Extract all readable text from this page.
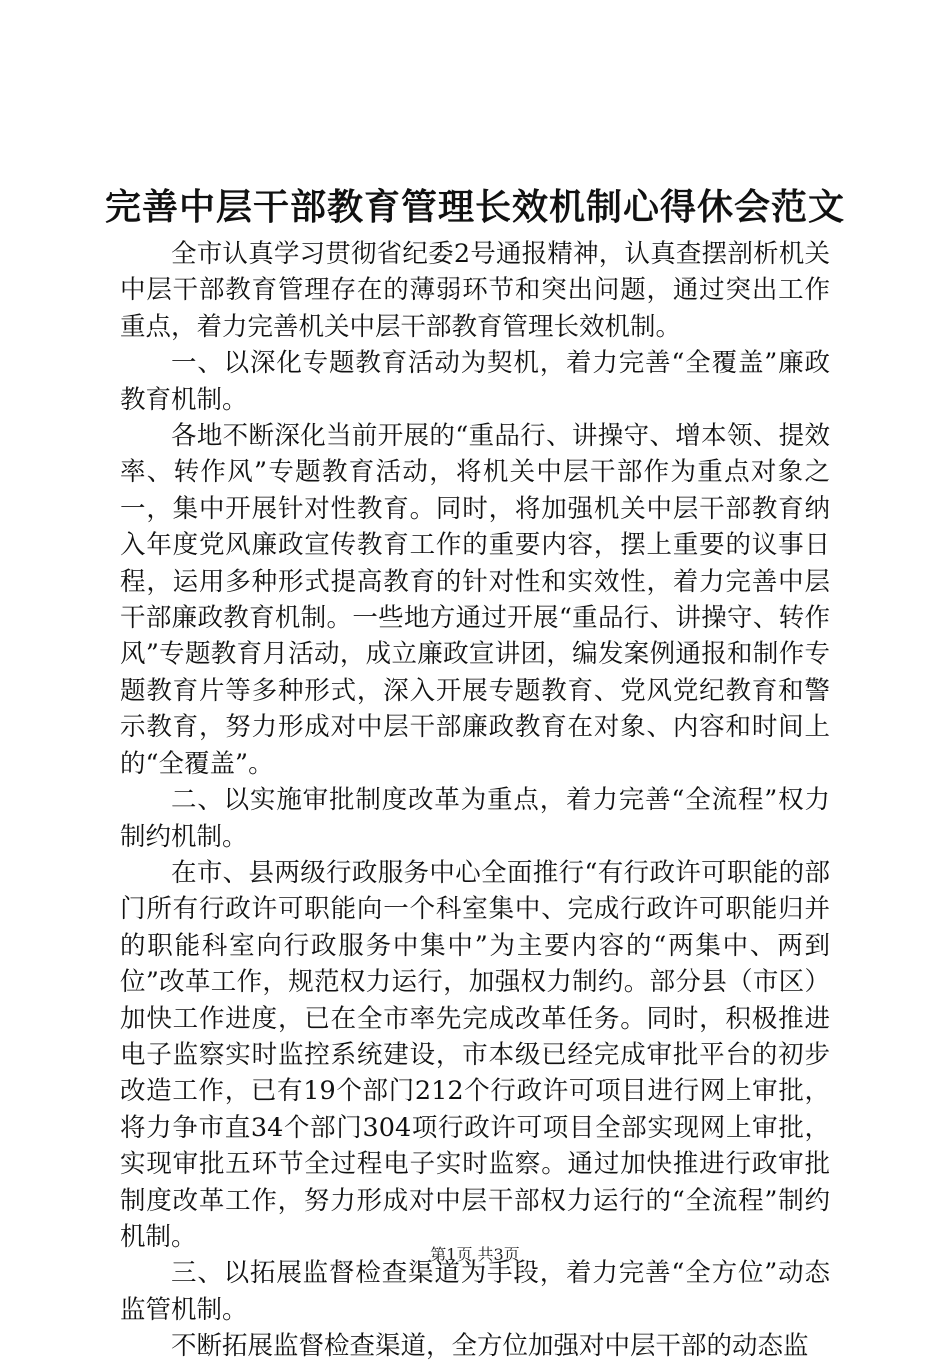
完善中层干部教育管理长效机制心得休会范文

全市认真学习贯彻省纪委2号通报精神，认真查摆剖析机关中层干部教育管理存在的薄弱环节和突出问题，通过突出工作重点，着力完善机关中层干部教育管理长效机制。

一、以深化专题教育活动为契机，着力完善“全覆盖”廉政教育机制。

各地不断深化当前开展的“重品行、讲操守、增本领、提效率、转作风”专题教育活动，将机关中层干部作为重点对象之一，集中开展针对性教育。同时，将加强机关中层干部教育纳入年度党风廉政宣传教育工作的重要内容，摆上重要的议事日程，运用多种形式提高教育的针对性和实效性，着力完善中层干部廉政教育机制。一些地方通过开展“重品行、讲操守、转作风”专题教育月活动，成立廉政宣讲团，编发案例通报和制作专题教育片等多种形式，深入开展专题教育、党风党纪教育和警示教育，努力形成对中层干部廉政教育在对象、内容和时间上的“全覆盖”。

二、以实施审批制度改革为重点，着力完善“全流程”权力制约机制。

在市、县两级行政服务中心全面推行“有行政许可职能的部门所有行政许可职能向一个科室集中、完成行政许可职能归并的职能科室向行政服务中集中”为主要内容的“两集中、两到位”改革工作，规范权力运行，加强权力制约。部分县（市区）加快工作进度，已在全市率先完成改革任务。同时，积极推进电子监察实时监控系统建设，市本级已经完成审批平台的初步改造工作，已有19个部门212个行政许可项目进行网上审批，将力争市直34个部门304项行政许可项目全部实现网上审批，实现审批五环节全过程电子实时监察。通过加快推进行政审批制度改革工作，努力形成对中层干部权力运行的“全流程”制约机制。

三、以拓展监督检查渠道为手段，着力完善“全方位”动态监管机制。

不断拓展监督检查渠道，全方位加强对中层干部的动态监

第1页 共3页
